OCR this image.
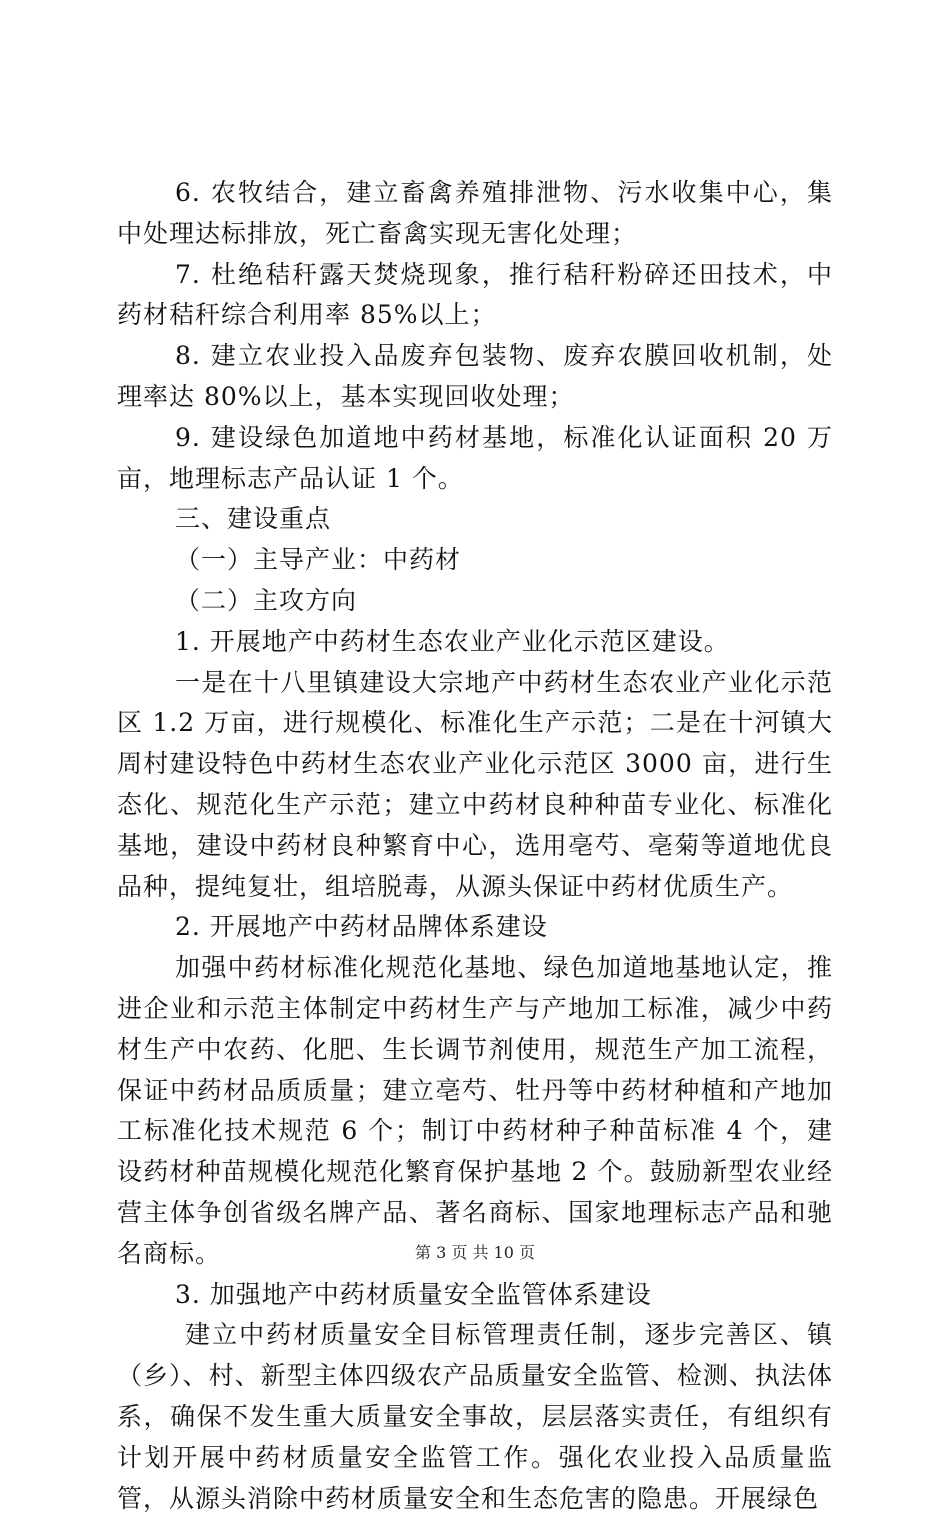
6. 农牧结合，建立畜禽养殖排泄物、污水收集中心，集中处理达标排放，死亡畜禽实现无害化处理；

7. 杜绝秸秆露天焚烧现象，推行秸秆粉碎还田技术，中药材秸秆综合利用率 85%以上；

8. 建立农业投入品废弃包装物、废弃农膜回收机制，处理率达 80%以上，基本实现回收处理；

9. 建设绿色加道地中药材基地，标准化认证面积 20 万亩，地理标志产品认证 1 个。

三、建设重点

（一）主导产业：中药材

（二）主攻方向

1. 开展地产中药材生态农业产业化示范区建设。

一是在十八里镇建设大宗地产中药材生态农业产业化示范区 1.2 万亩，进行规模化、标准化生产示范；二是在十河镇大周村建设特色中药材生态农业产业化示范区 3000 亩，进行生态化、规范化生产示范；建立中药材良种种苗专业化、标准化基地，建设中药材良种繁育中心，选用亳芍、亳菊等道地优良品种，提纯复壮，组培脱毒，从源头保证中药材优质生产。

2. 开展地产中药材品牌体系建设

加强中药材标准化规范化基地、绿色加道地基地认定，推进企业和示范主体制定中药材生产与产地加工标准，减少中药材生产中农药、化肥、生长调节剂使用，规范生产加工流程，保证中药材品质质量；建立亳芍、牡丹等中药材种植和产地加工标准化技术规范 6 个；制订中药材种子种苗标准 4 个，建设药材种苗规模化规范化繁育保护基地 2 个。鼓励新型农业经营主体争创省级名牌产品、著名商标、国家地理标志产品和驰名商标。

3. 加强地产中药材质量安全监管体系建设

建立中药材质量安全目标管理责任制，逐步完善区、镇（乡）、村、新型主体四级农产品质量安全监管、检测、执法体系，确保不发生重大质量安全事故，层层落实责任，有组织有计划开展中药材质量安全监管工作。强化农业投入品质量监管，从源头消除中药材质量安全和生态危害的隐患。开展绿色

第 3 页 共 10 页
